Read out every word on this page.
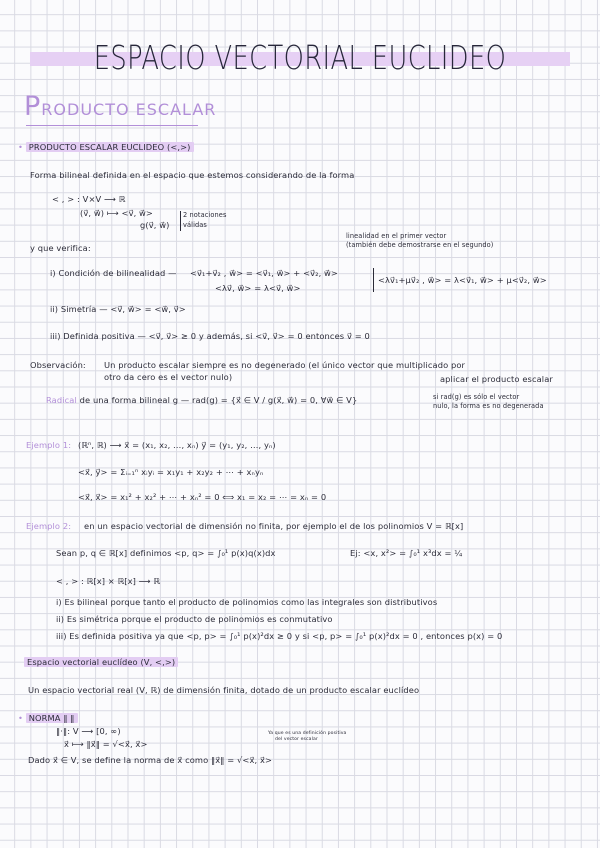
ESPACIO VECTORIAL EUCLIDEO
PRODUCTO ESCALAR
• PRODUCTO ESCALAR EUCLIDEO (<,>)
Forma bilineal definida en el espacio que estemos considerando de la forma
< , > : V×V ⟶ ℝ
(v⃗, w⃗) ⟼ <v⃗, w⃗>
g(v⃗, w⃗)
2 notaciones
válidas
y que verifica:
linealidad en el primer vector
(también debe demostrarse en el segundo)
i) Condición de bilinealidad — <v⃗₁+v⃗₂ , w⃗> = <v⃗₁, w⃗> + <v⃗₂, w⃗>
<λv⃗, w⃗> = λ<v⃗, w⃗>
<λv⃗₁+μv⃗₂ , w⃗> = λ<v⃗₁, w⃗> + μ<v⃗₂, w⃗>
ii) Simetría — <v⃗, w⃗> = <w⃗, v⃗>
iii) Definida positiva — <v⃗, v⃗> ≥ 0 y además, si <v⃗, v⃗> = 0 entonces v⃗ = 0
Observación: Un producto escalar siempre es no degenerado (el único vector que multiplicado por
otro da cero es el vector nulo)	aplicar el producto escalar
Radical de una forma bilineal g — rad(g) = {x⃗ ∈ V / g(x⃗, w⃗) = 0, ∀w⃗ ∈ V}	si rad(g) es sólo el vector
nulo, la forma es no degenerada
Ejemplo 1: (ℝⁿ, ℝ) ⟶ x⃗ = (x₁, x₂, …, xₙ) y⃗ = (y₁, y₂, …, yₙ)
<x⃗, y⃗> = Σᵢ₌₁ⁿ xᵢyᵢ = x₁y₁ + x₂y₂ + ⋯ + xₙyₙ
<x⃗, x⃗> = x₁² + x₂² + ⋯ + xₙ² = 0 ⟺ x₁ = x₂ = ⋯ = xₙ = 0
Ejemplo 2: en un espacio vectorial de dimensión no finita, por ejemplo el de los polinomios V = ℝ[x]
Sean p, q ∈ ℝ[x] definimos <p, q> = ∫₀¹ p(x)q(x)dx	Ej: <x, x²> = ∫₀¹ x³dx = ¼
< , > : ℝ[x] × ℝ[x] ⟶ ℝ
i) Es bilineal porque tanto el producto de polinomios como las integrales son distributivos
ii) Es simétrica porque el producto de polinomios es conmutativo
iii) Es definida positiva ya que <p, p> = ∫₀¹ p(x)²dx ≥ 0 y si <p, p> = ∫₀¹ p(x)²dx = 0 , entonces p(x) = 0
Espacio vectorial euclídeo (V, <,>)
Un espacio vectorial real (V, ℝ) de dimensión finita, dotado de un producto escalar euclídeo
• NORMA ‖ ‖
‖·‖: V ⟶ [0, ∞)
x⃗ ⟼ ‖x⃗‖ = √<x⃗, x⃗>
Ya que es una definición positiva
del vector escalar
Dado x⃗ ∈ V, se define la norma de x⃗ como ‖x⃗‖ = √<x⃗, x⃗>
